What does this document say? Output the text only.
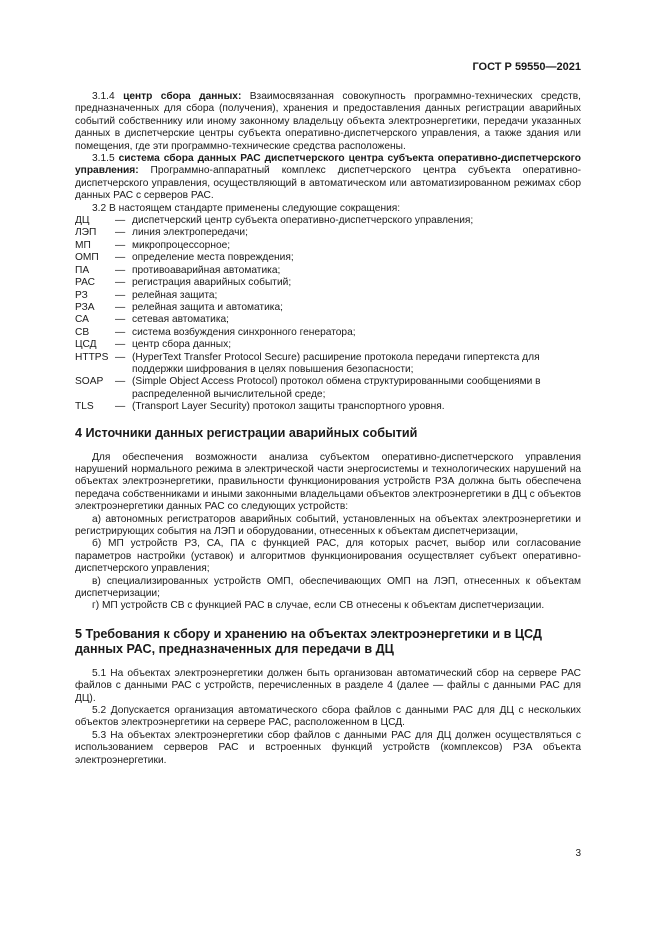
ГОСТ Р 59550—2021

3.1.4 центр сбора данных: Взаимосвязанная совокупность программно-технических средств, предназначенных для сбора (получения), хранения и предоставления данных регистрации аварийных событий собственнику или иному законному владельцу объекта электроэнергетики, передачи указанных данных в диспетчерские центры субъекта оперативно-диспетчерского управления, а также здания или помещения, где эти программно-технические средства расположены.

3.1.5 система сбора данных РАС диспетчерского центра субъекта оперативно-диспетчерского управления: Программно-аппаратный комплекс диспетчерского центра субъекта оперативно-диспетчерского управления, осуществляющий в автоматическом или автоматизированном режимах сбор данных РАС с серверов РАС.

3.2 В настоящем стандарте применены следующие сокращения:

ДЦ	— диспетчерский центр субъекта оперативно-диспетчерского управления;
ЛЭП	— линия электропередачи;
МП	— микропроцессорное;
ОМП	— определение места повреждения;
ПА	— противоаварийная автоматика;
РАС	— регистрация аварийных событий;
РЗ	— релейная защита;
РЗА	— релейная защита и автоматика;
СА	— сетевая автоматика;
СВ	— система возбуждения синхронного генератора;
ЦСД	— центр сбора данных;
HTTPS — (HyperText Transfer Protocol Secure) расширение протокола передачи гипертекста для поддержки шифрования в целях повышения безопасности;
SOAP	— (Simple Object Access Protocol) протокол обмена структурированными сообщениями в распределенной вычислительной среде;
TLS	— (Transport Layer Security) протокол защиты транспортного уровня.
4 Источники данных регистрации аварийных событий

Для обеспечения возможности анализа субъектом оперативно-диспетчерского управления нарушений нормального режима в электрической части энергосистемы и технологических нарушений на объектах электроэнергетики, правильности функционирования устройств РЗА должна быть обеспечена передача собственниками и иными законными владельцами объектов электроэнергетики в ДЦ с объектов электроэнергетики данных РАС со следующих устройств:

а) автономных регистраторов аварийных событий, установленных на объектах электроэнергетики и регистрирующих события на ЛЭП и оборудовании, отнесенных к объектам диспетчеризации,

б) МП устройств РЗ, СА, ПА с функцией РАС, для которых расчет, выбор или согласование параметров настройки (уставок) и алгоритмов функционирования осуществляет субъект оперативно-диспетчерского управления;

в) специализированных устройств ОМП, обеспечивающих ОМП на ЛЭП, отнесенных к объектам диспетчеризации;

г) МП устройств СВ с функцией РАС в случае, если СВ отнесены к объектам диспетчеризации.

5 Требования к сбору и хранению на объектах электроэнергетики и в ЦСД данных РАС, предназначенных для передачи в ДЦ

5.1 На объектах электроэнергетики должен быть организован автоматический сбор на сервере РАС файлов с данными РАС с устройств, перечисленных в разделе 4 (далее — файлы с данными РАС для ДЦ).

5.2 Допускается организация автоматического сбора файлов с данными РАС для ДЦ с нескольких объектов электроэнергетики на сервере РАС, расположенном в ЦСД.

5.3 На объектах электроэнергетики сбор файлов с данными РАС для ДЦ должен осуществляться с использованием серверов РАС и встроенных функций устройств (комплексов) РЗА объекта электроэнергетики.

3
